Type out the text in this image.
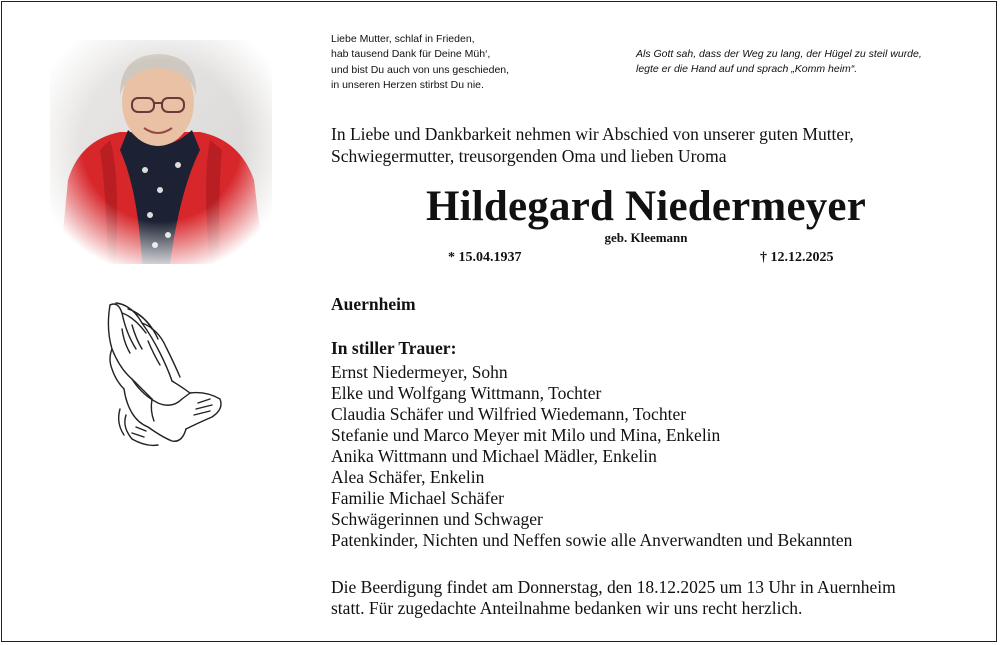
Liebe Mutter, schlaf in Frieden,
hab tausend Dank für Deine Müh‘,
und bist Du auch von uns geschieden,
in unseren Herzen stirbst Du nie.
Als Gott sah, dass der Weg zu lang, der Hügel zu steil wurde,
legte er die Hand auf und sprach „Komm heim“.
In Liebe und Dankbarkeit nehmen wir Abschied von unserer guten Mutter,
Schwiegermutter, treusorgenden Oma und lieben Uroma
Hildegard Niedermeyer
geb. Kleemann
* 15.04.1937	† 12.12.2025
Auernheim
In stiller Trauer:
Ernst Niedermeyer, Sohn
Elke und Wolfgang Wittmann, Tochter
Claudia Schäfer und Wilfried Wiedemann, Tochter
Stefanie und Marco Meyer mit Milo und Mina, Enkelin
Anika Wittmann und Michael Mädler, Enkelin
Alea Schäfer, Enkelin
Familie Michael Schäfer
Schwägerinnen und Schwager
Patenkinder, Nichten und Neffen sowie alle Anverwandten und Bekannten
Die Beerdigung findet am Donnerstag, den 18.12.2025 um 13 Uhr in Auernheim
statt. Für zugedachte Anteilnahme bedanken wir uns recht herzlich.
